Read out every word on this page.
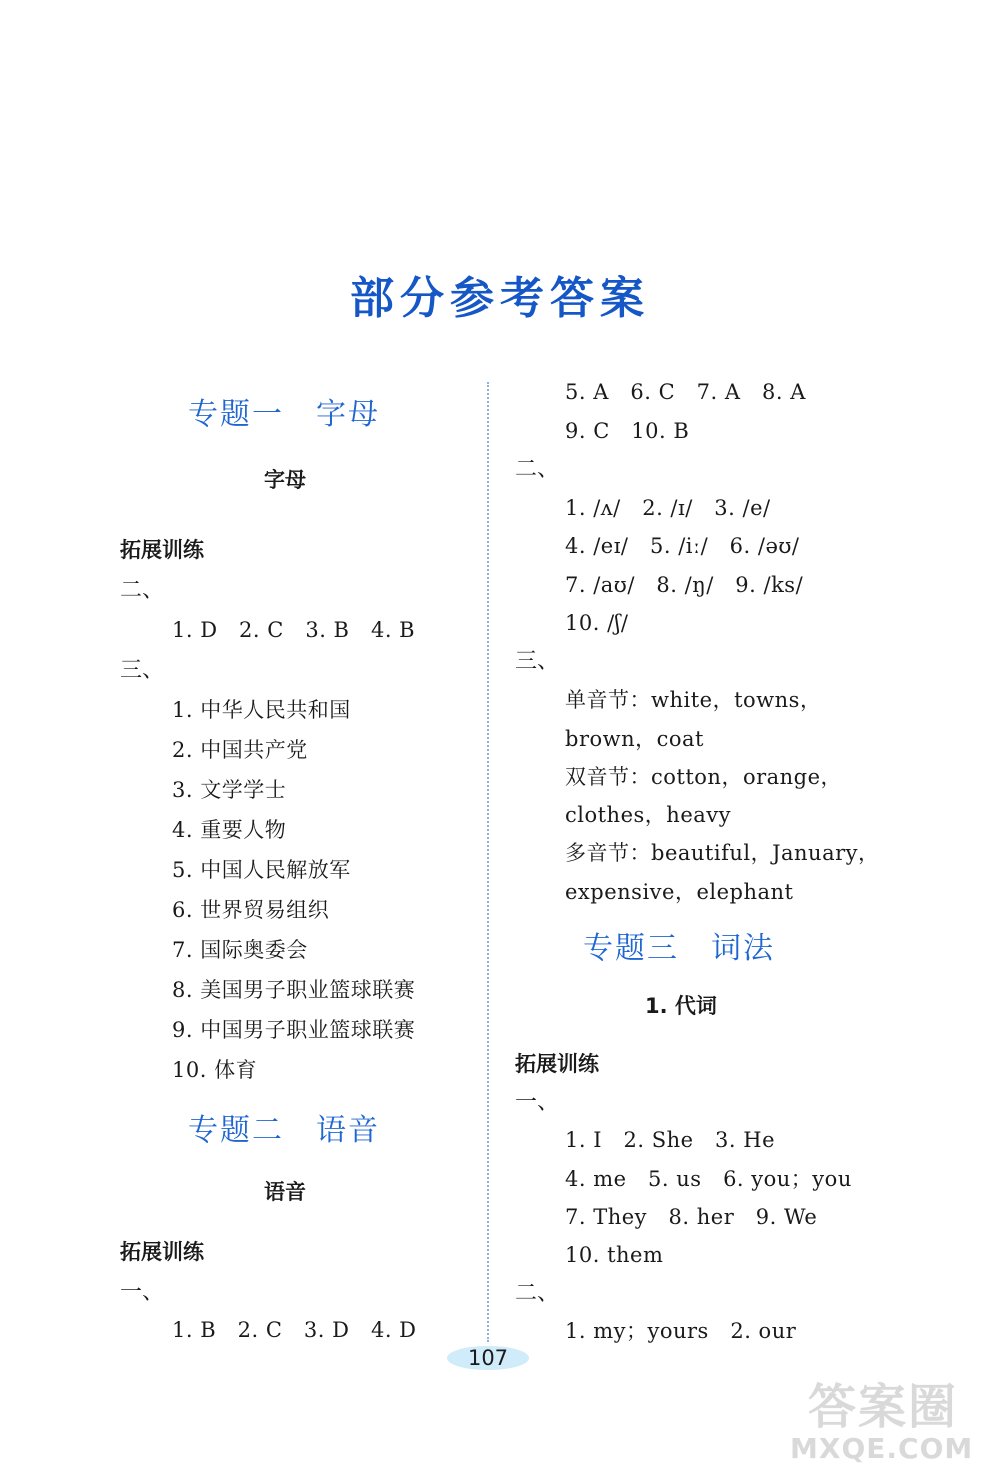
部分参考答案
专题一　字母
字母
拓展训练
二、
1. D　2. C　3. B　4. B
三、
1. 中华人民共和国
2. 中国共产党
3. 文学学士
4. 重要人物
5. 中国人民解放军
6. 世界贸易组织
7. 国际奥委会
8. 美国男子职业篮球联赛
9. 中国男子职业篮球联赛
10. 体育
专题二　语音
语音
拓展训练
一、
1. B　2. C　3. D　4. D
5. A　6. C　7. A　8. A
9. C　10. B
二、
1. /ʌ/　2. /ɪ/　3. /e/
4. /eɪ/　5. /iː/　6. /əʊ/
7. /aʊ/　8. /ŋ/　9. /ks/
10. /ʃ/
三、
单音节：white，towns，
brown，coat
双音节：cotton，orange，
clothes，heavy
多音节：beautiful，January，
expensive，elephant
专题三　词法
1. 代词
拓展训练
一、
1. I　2. She　3. He
4. me　5. us　6. you；you
7. They　8. her　9. We
10. them
二、
1. my；yours　2. our
107
答案圈
MXQE.COM
